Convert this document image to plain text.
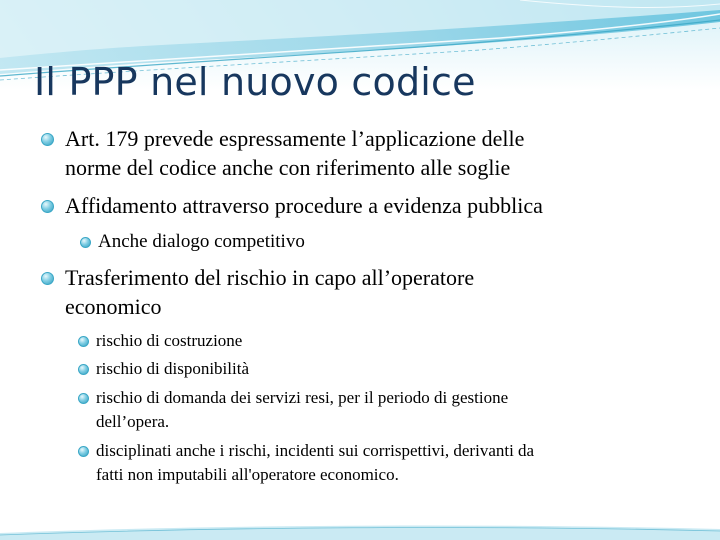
Il PPP nel nuovo codice
Art. 179 prevede espressamente l’applicazione delle
norme del codice anche con riferimento alle soglie
Affidamento attraverso procedure a evidenza pubblica
Anche dialogo competitivo
Trasferimento del rischio in capo all’operatore
economico
rischio di costruzione
rischio di disponibilità
rischio di domanda dei servizi resi, per il periodo di gestione
dell’opera.
disciplinati anche i rischi, incidenti sui corrispettivi, derivanti da
fatti non imputabili all'operatore economico.
